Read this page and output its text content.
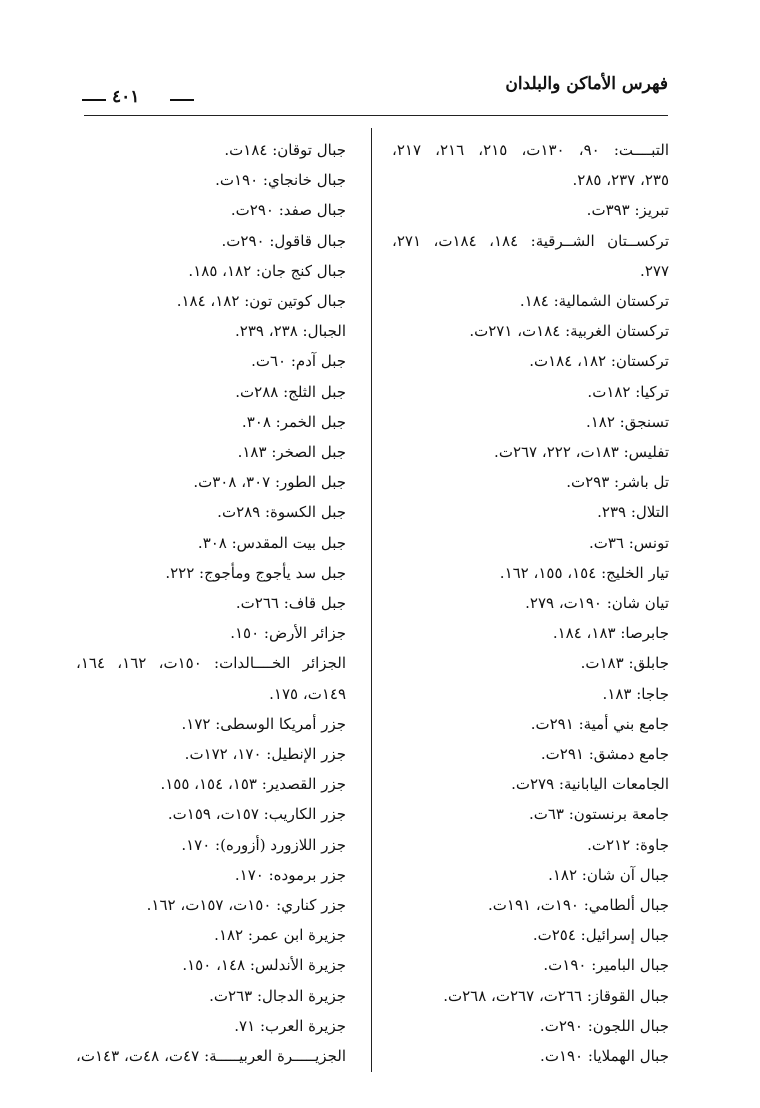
فهرس الأماكن والبلدان
٤٠١
التبــــت: ٩٠، ١٣٠ت، ٢١٥، ٢١٦، ٢١٧،
٢٣٥، ٢٣٧، ٢٨٥.
تبريز: ٣٩٣ت.
تركســتان الشــرقية: ١٨٤، ١٨٤ت، ٢٧١،
٢٧٧.
تركستان الشمالية: ١٨٤.
تركستان الغربية: ١٨٤ت، ٢٧١ت.
تركستان: ١٨٢، ١٨٤ت.
تركيا: ١٨٢ت.
تسنجق: ١٨٢.
تفليس: ١٨٣ت، ٢٢٢، ٢٦٧ت.
تل باشر: ٢٩٣ت.
التلال: ٢٣٩.
تونس: ٣٦ت.
تيار الخليج: ١٥٤، ١٥٥، ١٦٢.
تيان شان: ١٩٠ت، ٢٧٩.
جابرصا: ١٨٣، ١٨٤.
جابلق: ١٨٣ت.
جاجا: ١٨٣.
جامع بني أمية: ٢٩١ت.
جامع دمشق: ٢٩١ت.
الجامعات اليابانية: ٢٧٩ت.
جامعة برنستون: ٦٣ت.
جاوة: ٢١٢ت.
جبال آن شان: ١٨٢.
جبال ألطامي: ١٩٠ت، ١٩١ت.
جبال إسرائيل: ٢٥٤ت.
جبال البامير: ١٩٠ت.
جبال القوقاز: ٢٦٦ت، ٢٦٧ت، ٢٦٨ت.
جبال اللجون: ٢٩٠ت.
جبال الهملايا: ١٩٠ت.
جبال توقان: ١٨٤ت.
جبال خانجاي: ١٩٠ت.
جبال صفد: ٢٩٠ت.
جبال قاقول: ٢٩٠ت.
جبال كنج جان: ١٨٢، ١٨٥.
جبال كوتين تون: ١٨٢، ١٨٤.
الجبال: ٢٣٨، ٢٣٩.
جبل آدم: ٦٠ت.
جبل الثلج: ٢٨٨ت.
جبل الخمر: ٣٠٨.
جبل الصخر: ١٨٣.
جبل الطور: ٣٠٧، ٣٠٨ت.
جبل الكسوة: ٢٨٩ت.
جبل بيت المقدس: ٣٠٨.
جبل سد يأجوج ومأجوج: ٢٢٢.
جبل قاف: ٢٦٦ت.
جزائر الأرض: ١٥٠.
الجزائر الخــــالدات: ١٥٠ت، ١٦٢، ١٦٤،
١٤٩ت، ١٧٥.
جزر أمريكا الوسطى: ١٧٢.
جزر الإنطيل: ١٧٠، ١٧٢ت.
جزر القصدير: ١٥٣، ١٥٤، ١٥٥.
جزر الكاريب: ١٥٧ت، ١٥٩ت.
جزر اللازورد (أزوره): ١٧٠.
جزر برموده: ١٧٠.
جزر كناري: ١٥٠ت، ١٥٧ت، ١٦٢.
جزيرة ابن عمر: ١٨٢.
جزيرة الأندلس: ١٤٨، ١٥٠.
جزيرة الدجال: ٢٦٣ت.
جزيرة العرب: ٧١.
الجزيـــــرة العربيـــــة: ٤٧ت، ٤٨ت، ١٤٣ت،
